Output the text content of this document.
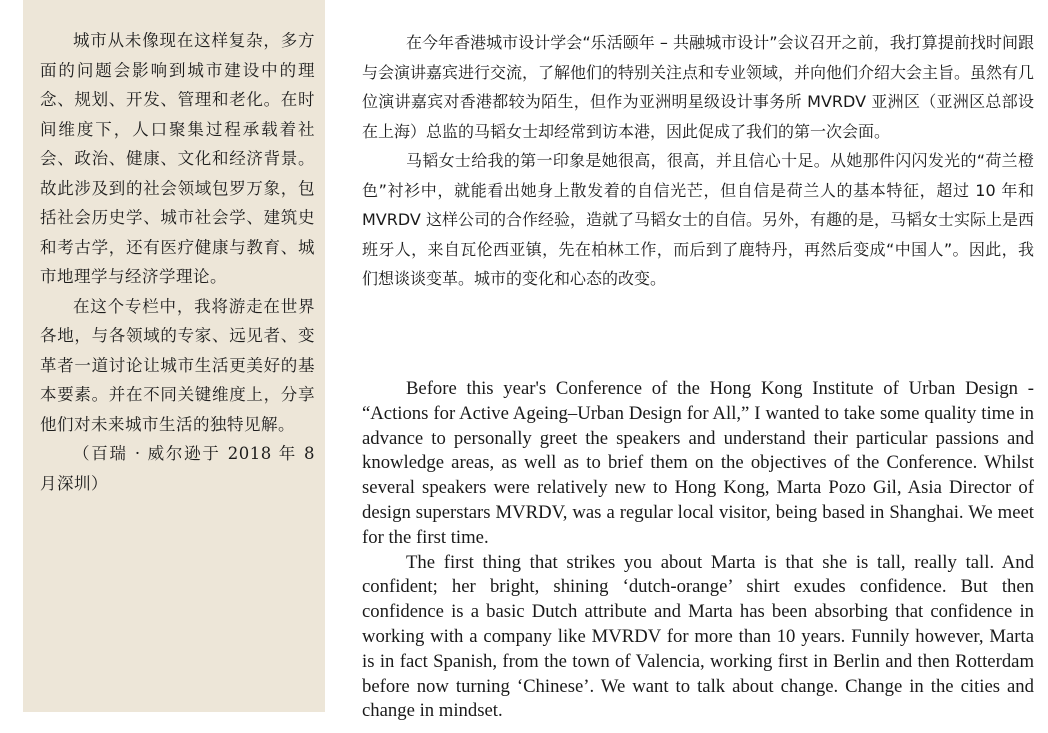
城市从未像现在这样复杂，多方面的问题会影响到城市建设中的理念、规划、开发、管理和老化。在时间维度下，人口聚集过程承载着社会、政治、健康、文化和经济背景。故此涉及到的社会领域包罗万象，包括社会历史学、城市社会学、建筑史和考古学，还有医疗健康与教育、城市地理学与经济学理论。

在这个专栏中，我将游走在世界各地，与各领域的专家、远见者、变革者一道讨论让城市生活更美好的基本要素。并在不同关键维度上，分享他们对未来城市生活的独特见解。

（百瑞 · 威尔逊于 2018 年 8 月深圳）

在今年香港城市设计学会“乐活颐年 – 共融城市设计”会议召开之前，我打算提前找时间跟与会演讲嘉宾进行交流，了解他们的特别关注点和专业领域，并向他们介绍大会主旨。虽然有几位演讲嘉宾对香港都较为陌生，但作为亚洲明星级设计事务所 MVRDV 亚洲区（亚洲区总部设在上海）总监的马韬女士却经常到访本港，因此促成了我们的第一次会面。

马韬女士给我的第一印象是她很高，很高，并且信心十足。从她那件闪闪发光的“荷兰橙色”衬衫中，就能看出她身上散发着的自信光芒，但自信是荷兰人的基本特征，超过 10 年和 MVRDV 这样公司的合作经验，造就了马韬女士的自信。另外，有趣的是，马韬女士实际上是西班牙人，来自瓦伦西亚镇，先在柏林工作，而后到了鹿特丹，再然后变成“中国人”。因此，我们想谈谈变革。城市的变化和心态的改变。

Before this year's Conference of the Hong Kong Institute of Urban Design - “Actions for Active Ageing–Urban Design for All,” I wanted to take some quality time in advance to personally greet the speakers and understand their particular passions and knowledge areas, as well as to brief them on the objectives of the Conference. Whilst several speakers were relatively new to Hong Kong, Marta Pozo Gil, Asia Director of design superstars MVRDV, was a regular local visitor, being based in Shanghai. We meet for the first time.

The first thing that strikes you about Marta is that she is tall, really tall. And confident; her bright, shining ‘dutch-orange’ shirt exudes confidence. But then confidence is a basic Dutch attribute and Marta has been absorbing that confidence in working with a company like MVRDV for more than 10 years. Funnily however, Marta is in fact Spanish, from the town of Valencia, working first in Berlin and then Rotterdam before now turning ‘Chinese’. We want to talk about change. Change in the cities and change in mindset.
